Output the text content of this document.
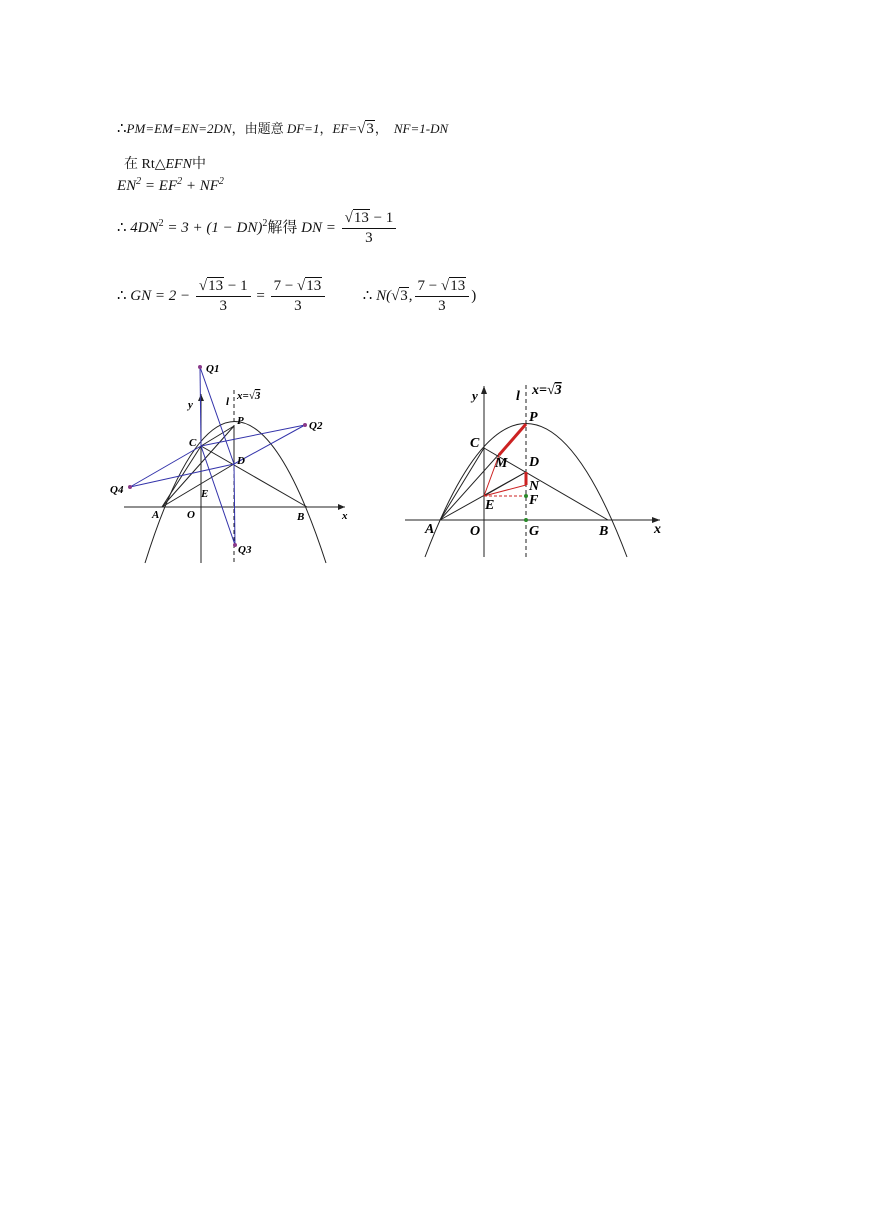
∴PM=EM=EN=2DN，由题意 DF=1，EF=√3， NF=1-DN
在 Rt△EFN中
$EN^2 = EF^2 + NF^2$
∴ $4DN^2 = 3 + (1 - DN)^2$解得 DN = $\frac{√13 - 1}{3}$
∴ GN = $2 - \frac{√13 - 1}{3} = \frac{7 - √13}{3}$	∴ N(√3, $\frac{7 - √13}{3}$ )
Q1
Q2
Q3
Q4
y
x
l x=√3
P
C
D
E
A	O	B
y
x
l x=√3
P
C
M D
N
E F
A	O	G	B
